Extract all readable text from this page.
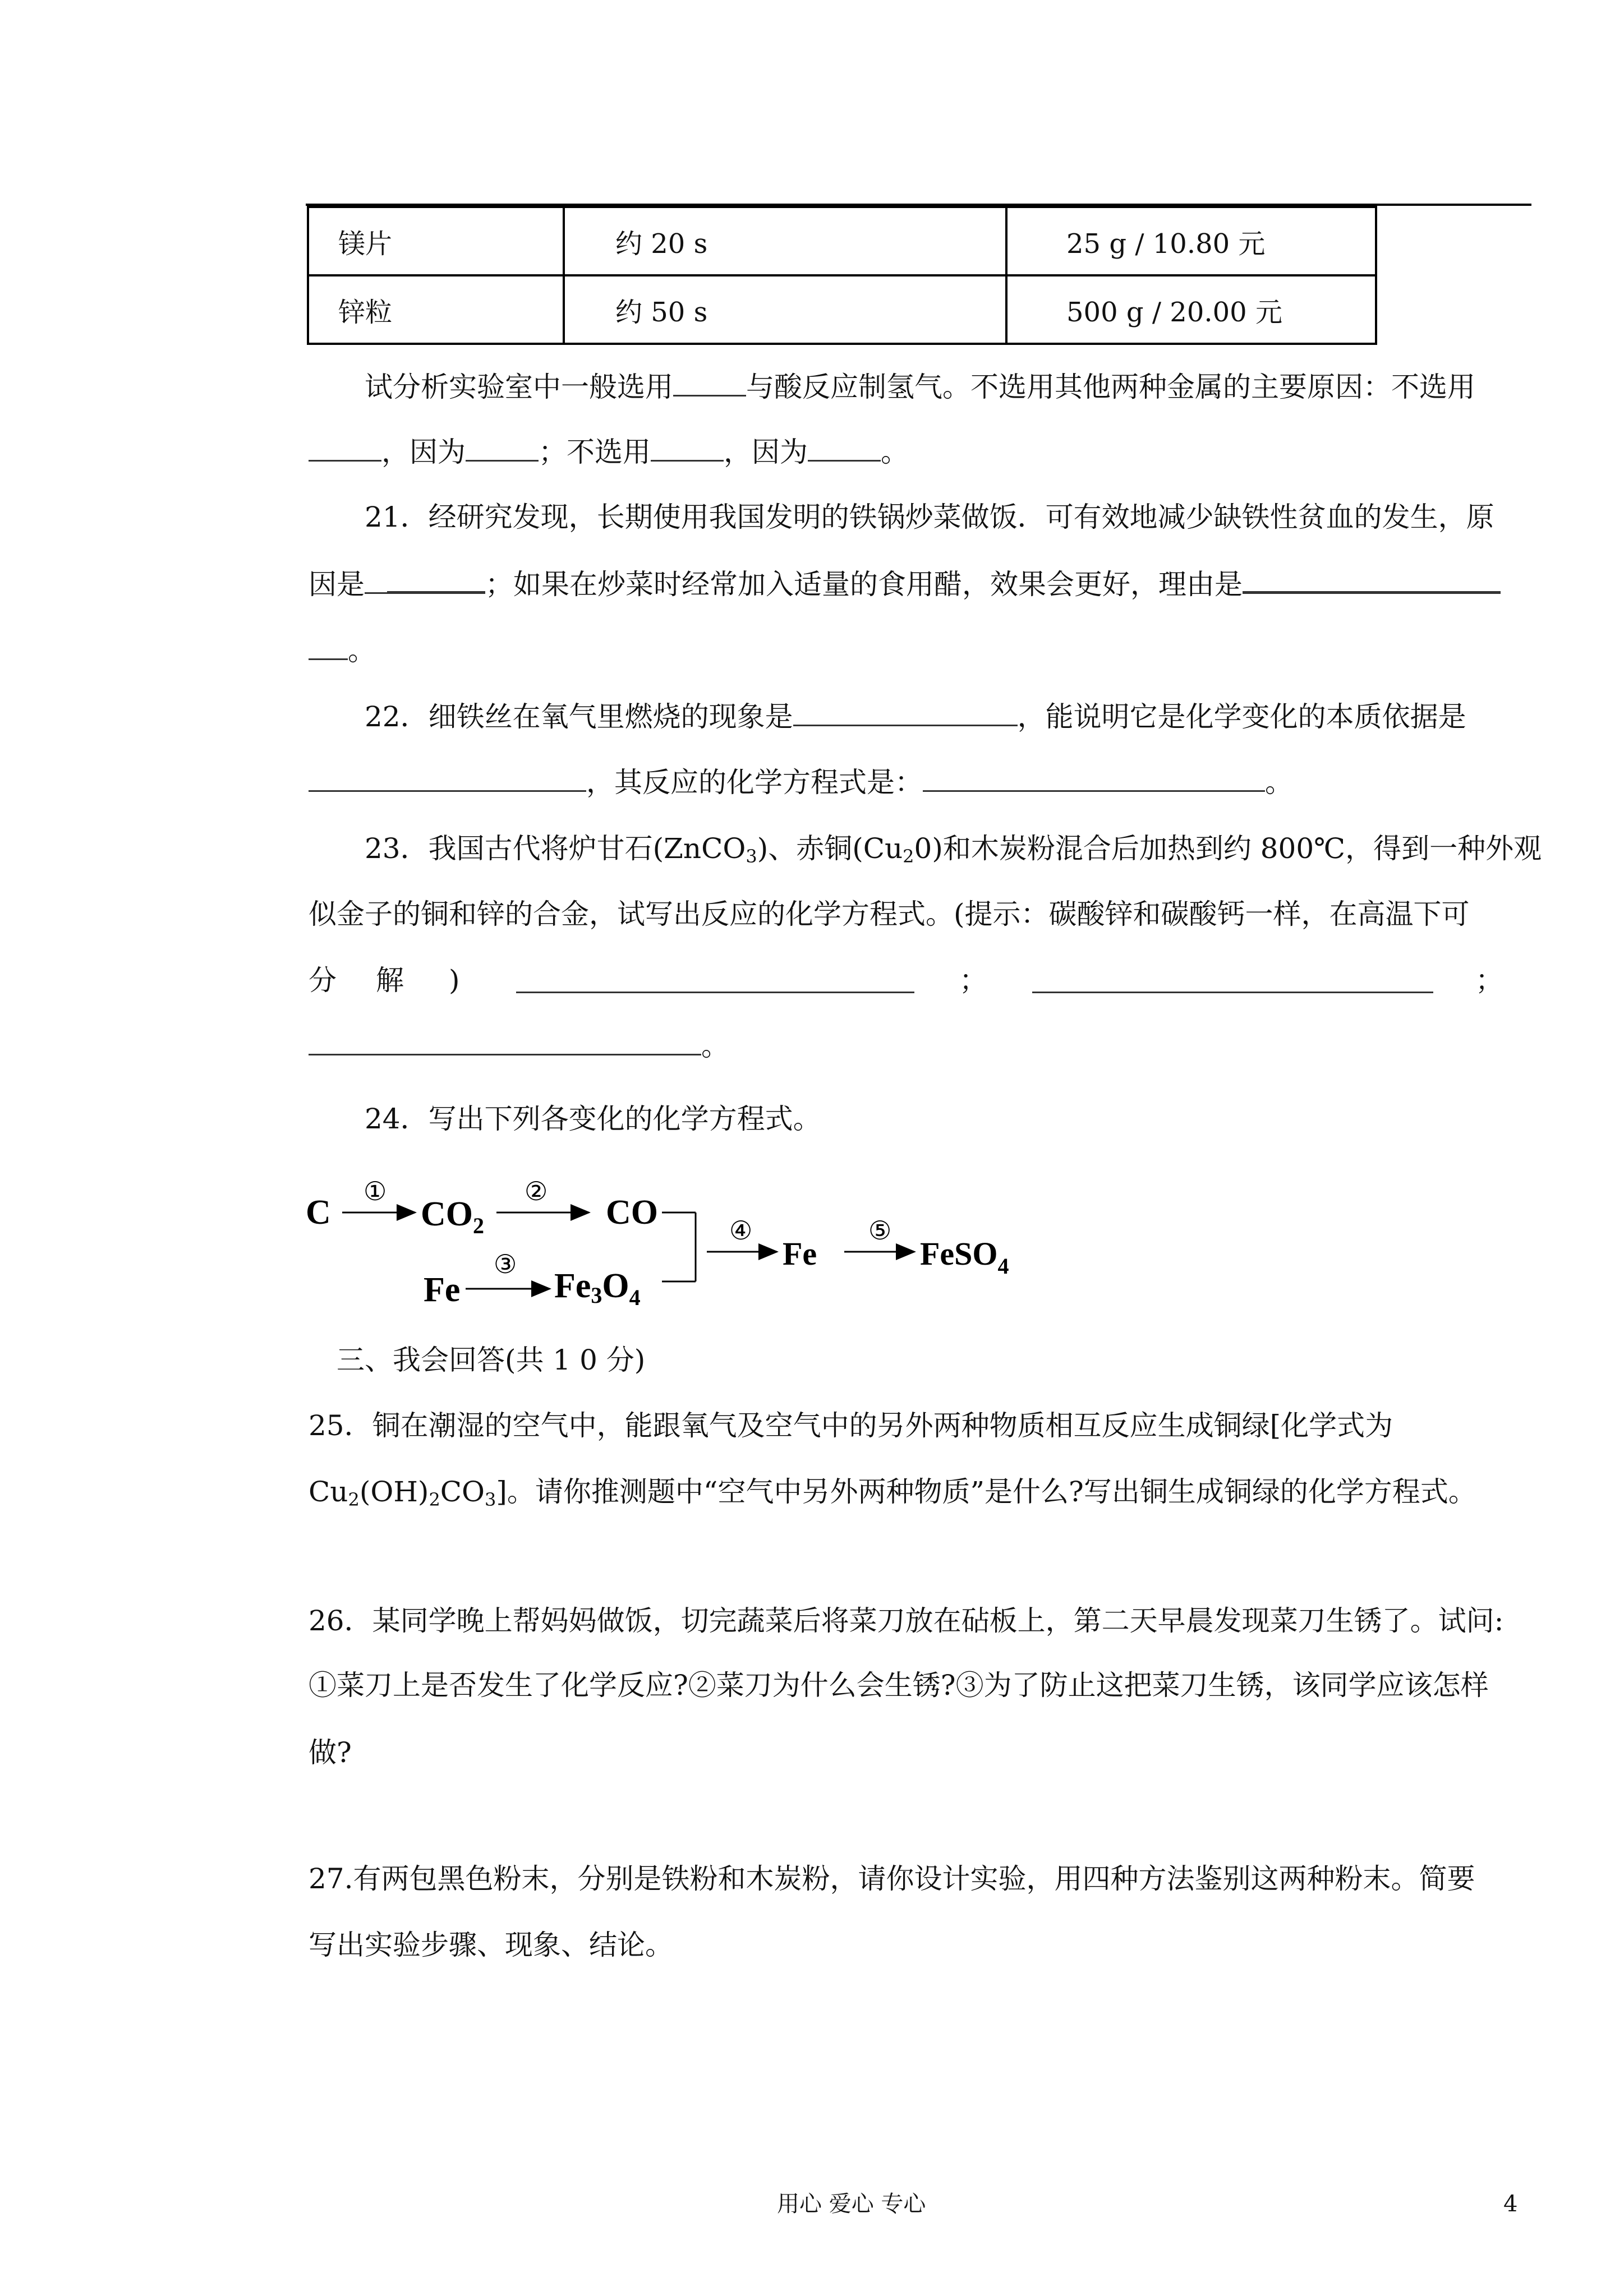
镁片	约 20 s	25 g / 10.80 元
锌粒	约 50 s	500 g / 20.00 元

试分析实验室中一般选用	与酸反应制氢气。不选用其他两种金属的主要原因：不选用

，因为	；不选用	，因为	。

21．经研究发现，长期使用我国发明的铁锅炒菜做饭．可有效地减少缺铁性贫血的发生，原

因是	；如果在炒菜时经常加入适量的食用醋，效果会更好，理由是

。

22．细铁丝在氧气里燃烧的现象是	，能说明它是化学变化的本质依据是

，其反应的化学方程式是：	。

23．我国古代将炉甘石(ZnCO$_3$)、赤铜$(Cu_20)$和木炭粉混合后加热到约 800℃，得到一种外观

似金子的铜和锌的合金，试写出反应的化学方程式。(提示：碳酸锌和碳酸钙一样，在高温下可

分 解 )	；	；

。

24．写出下列各变化的化学方程式。

C	$CO_2$	CO
Fe	$Fe3O_4$
Fe	FeSO$_4$
①	②
③
④	⑤

三、我会回答(共 1 0 分)

25．铜在潮湿的空气中，能跟氧气及空气中的另外两种物质相互反应生成铜绿[化学式为

$Cu_2(OH)_2CO_3$]。请你推测题中“空气中另外两种物质”是什么?写出铜生成铜绿的化学方程式。

26．某同学晚上帮妈妈做饭，切完蔬菜后将菜刀放在砧板上，第二天早晨发现菜刀生锈了。试问:

①菜刀上是否发生了化学反应?②菜刀为什么会生锈?③为了防止这把菜刀生锈，该同学应该怎样

做?

27.有两包黑色粉末，分别是铁粉和木炭粉，请你设计实验，用四种方法鉴别这两种粉末。简要

写出实验步骤、现象、结论。

用心 爱心 专心	4
